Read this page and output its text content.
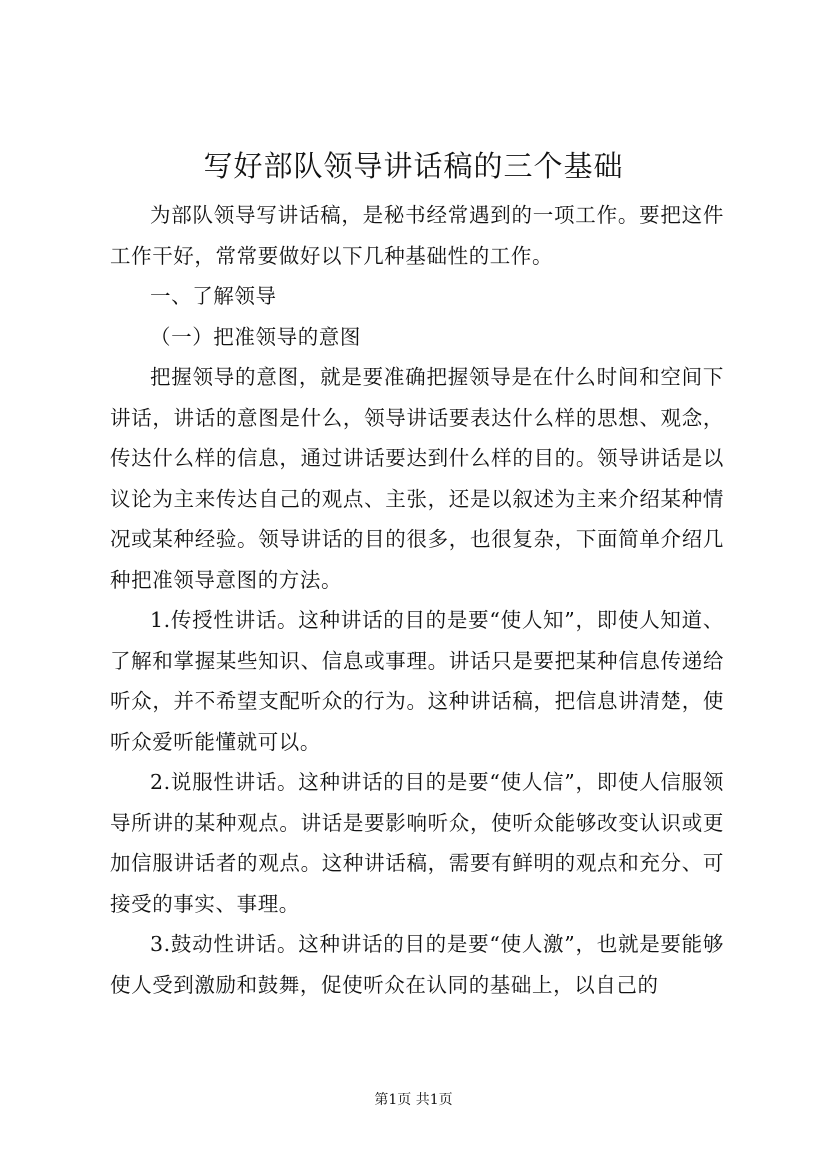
写好部队领导讲话稿的三个基础

为部队领导写讲话稿，是秘书经常遇到的一项工作。要把这件工作干好，常常要做好以下几种基础性的工作。

一、了解领导

（一）把准领导的意图

把握领导的意图，就是要准确把握领导是在什么时间和空间下讲话，讲话的意图是什么，领导讲话要表达什么样的思想、观念，传达什么样的信息，通过讲话要达到什么样的目的。领导讲话是以议论为主来传达自己的观点、主张，还是以叙述为主来介绍某种情况或某种经验。领导讲话的目的很多，也很复杂，下面简单介绍几种把准领导意图的方法。

1.传授性讲话。这种讲话的目的是要“使人知”，即使人知道、了解和掌握某些知识、信息或事理。讲话只是要把某种信息传递给听众，并不希望支配听众的行为。这种讲话稿，把信息讲清楚，使听众爱听能懂就可以。

2.说服性讲话。这种讲话的目的是要“使人信”，即使人信服领导所讲的某种观点。讲话是要影响听众，使听众能够改变认识或更加信服讲话者的观点。这种讲话稿，需要有鲜明的观点和充分、可接受的事实、事理。

3.鼓动性讲话。这种讲话的目的是要“使人激”，也就是要能够使人受到激励和鼓舞，促使听众在认同的基础上，以自己的

第1页 共1页
